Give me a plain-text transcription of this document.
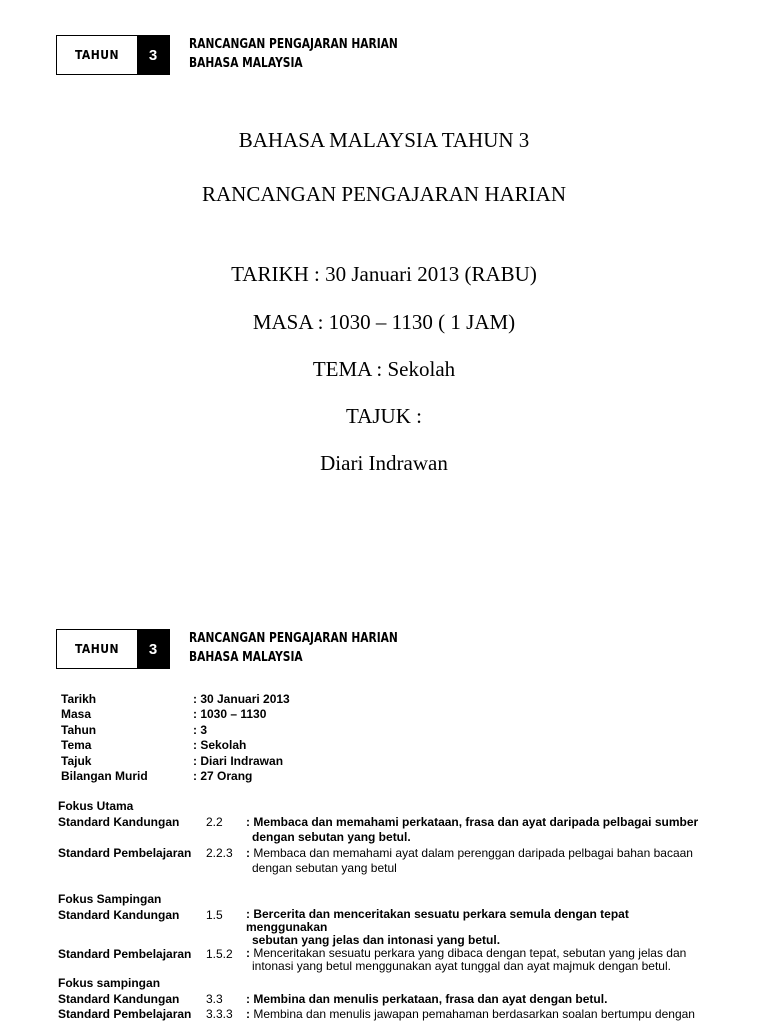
TAHUN	3
RANCANGAN PENGAJARAN HARIAN
BAHASA MALAYSIA
BAHASA MALAYSIA TAHUN 3
RANCANGAN PENGAJARAN HARIAN
TARIKH : 30 Januari 2013 (RABU)
MASA : 1030 – 1130 ( 1 JAM)
TEMA : Sekolah
TAJUK :
Diari Indrawan
TAHUN	3
RANCANGAN PENGAJARAN HARIAN
BAHASA MALAYSIA
Tarikh	: 30 Januari 2013
Masa	: 1030 – 1130
Tahun	: 3
Tema	: Sekolah
Tajuk	: Diari Indrawan
Bilangan Murid	: 27 Orang
Fokus Utama
Standard Kandungan	2.2	: Membaca dan memahami perkataan, frasa dan ayat daripada pelbagai sumber
dengan sebutan yang betul.
Standard Pembelajaran	2.2.3	: Membaca dan memahami ayat dalam perenggan daripada pelbagai bahan bacaan
dengan sebutan yang betul
Fokus Sampingan
Standard Kandungan	1.5	: Bercerita dan menceritakan sesuatu perkara semula dengan tepat menggunakan
sebutan yang jelas dan intonasi yang betul.
Standard Pembelajaran	1.5.2	: Menceritakan sesuatu perkara yang dibaca dengan tepat, sebutan yang jelas dan
intonasi yang betul menggunakan ayat tunggal dan ayat majmuk dengan betul.
Fokus sampingan
Standard Kandungan	3.3	: Membina dan menulis perkataan, frasa dan ayat dengan betul.
Standard Pembelajaran	3.3.3	: Membina dan menulis jawapan pemahaman berdasarkan soalan bertumpu dengan
